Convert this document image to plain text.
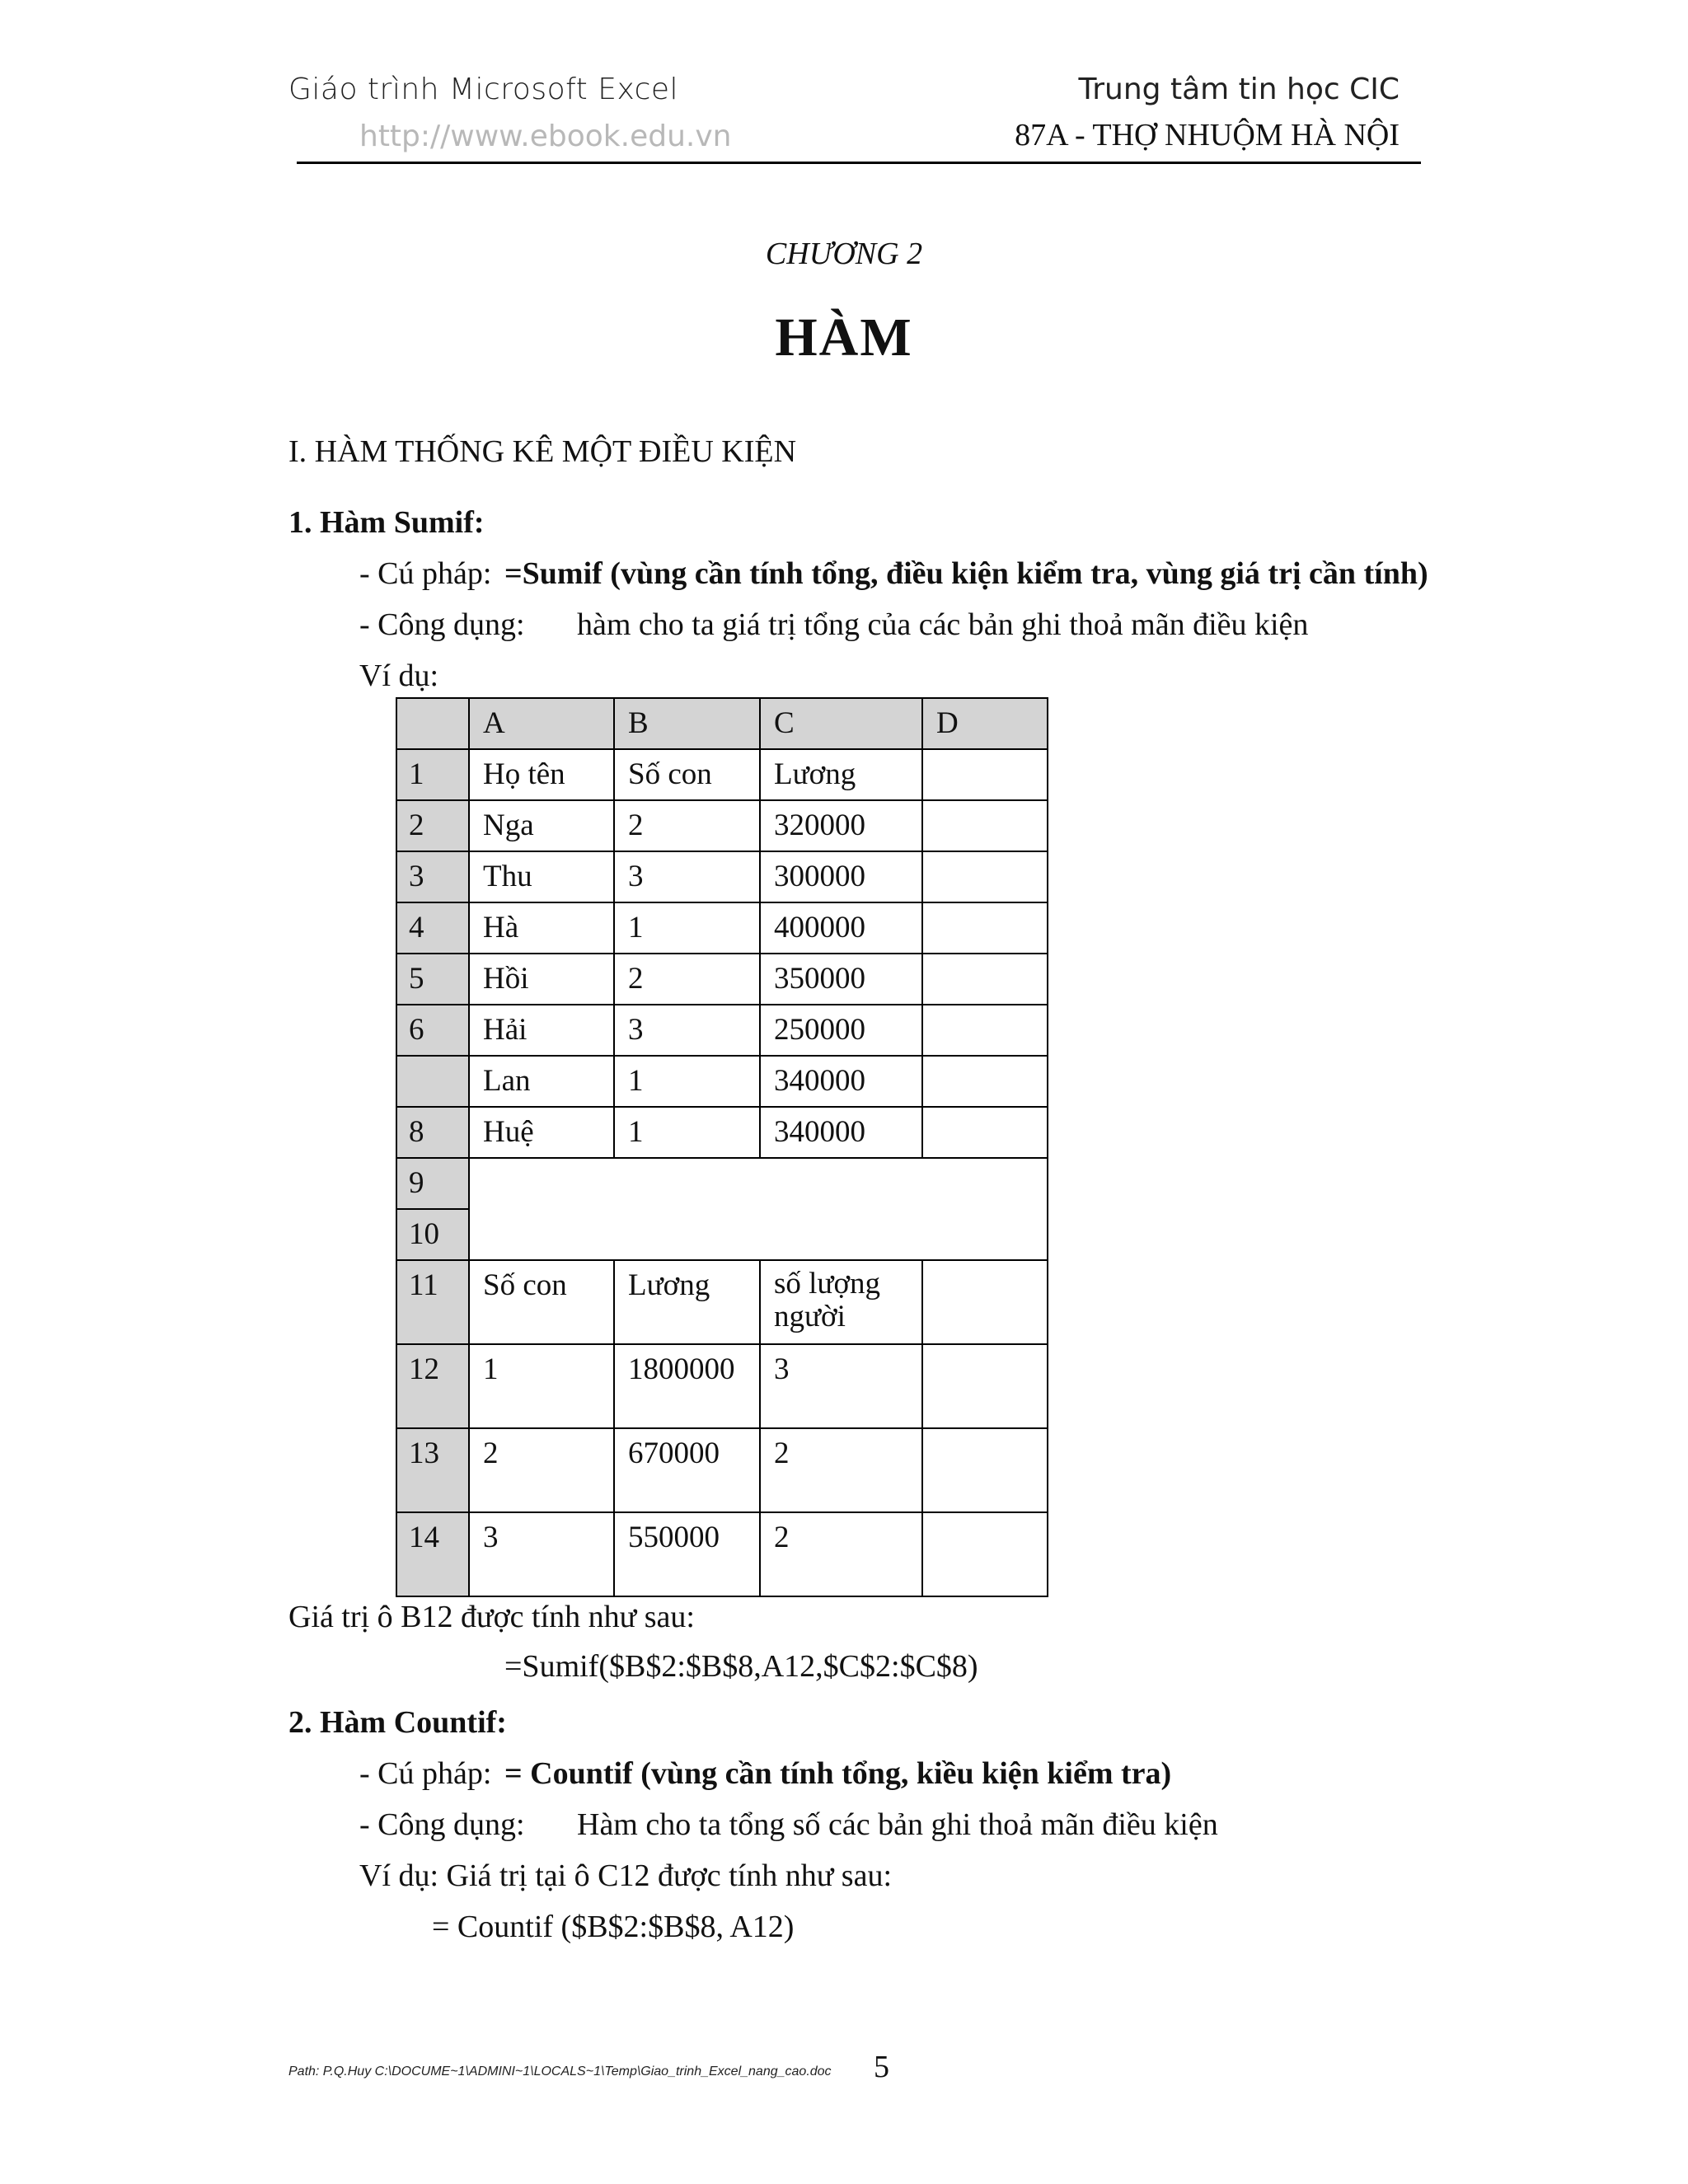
Giáo trình Microsoft Excel
http://www.ebook.edu.vn
Trung tâm tin học CIC
87A - THỢ NHUỘM HÀ NỘI
CHƯƠNG 2
HÀM
I. HÀM THỐNG KÊ MỘT ĐIỀU KIỆN
1. Hàm Sumif:
- Cú pháp: =Sumif (vùng cần tính tổng, điều kiện kiểm tra, vùng giá trị cần tính)
- Công dụng: hàm cho ta giá trị tổng của các bản ghi thoả mãn điều kiện
Ví dụ:
	A	B	C	D
1	Họ tên	Số con	Lương	
2	Nga	2	320000	
3	Thu	3	300000	
4	Hà	1	400000	
5	Hồi	2	350000	
6	Hải	3	250000	
	Lan	1	340000	
8	Huệ	1	340000	
9				
10				
11	Số con	Lương	số lượng người	

12	1	1800000	3	
13	2	670000	2	
14	3	550000	2	
Giá trị ô B12 được tính như sau:
=Sumif($B$2:$B$8,A12,$C$2:$C$8)
2. Hàm Countif:
- Cú pháp: = Countif (vùng cần tính tổng, kiều kiện kiểm tra)
- Công dụng: Hàm cho ta tổng số các bản ghi thoả mãn điều kiện
Ví dụ: Giá trị tại ô C12 được tính như sau:
= Countif ($B$2:$B$8, A12)
Path: P.Q.Huy C:\DOCUME~1\ADMINI~1\LOCALS~1\Temp\Giao_trinh_Excel_nang_cao.doc 5
